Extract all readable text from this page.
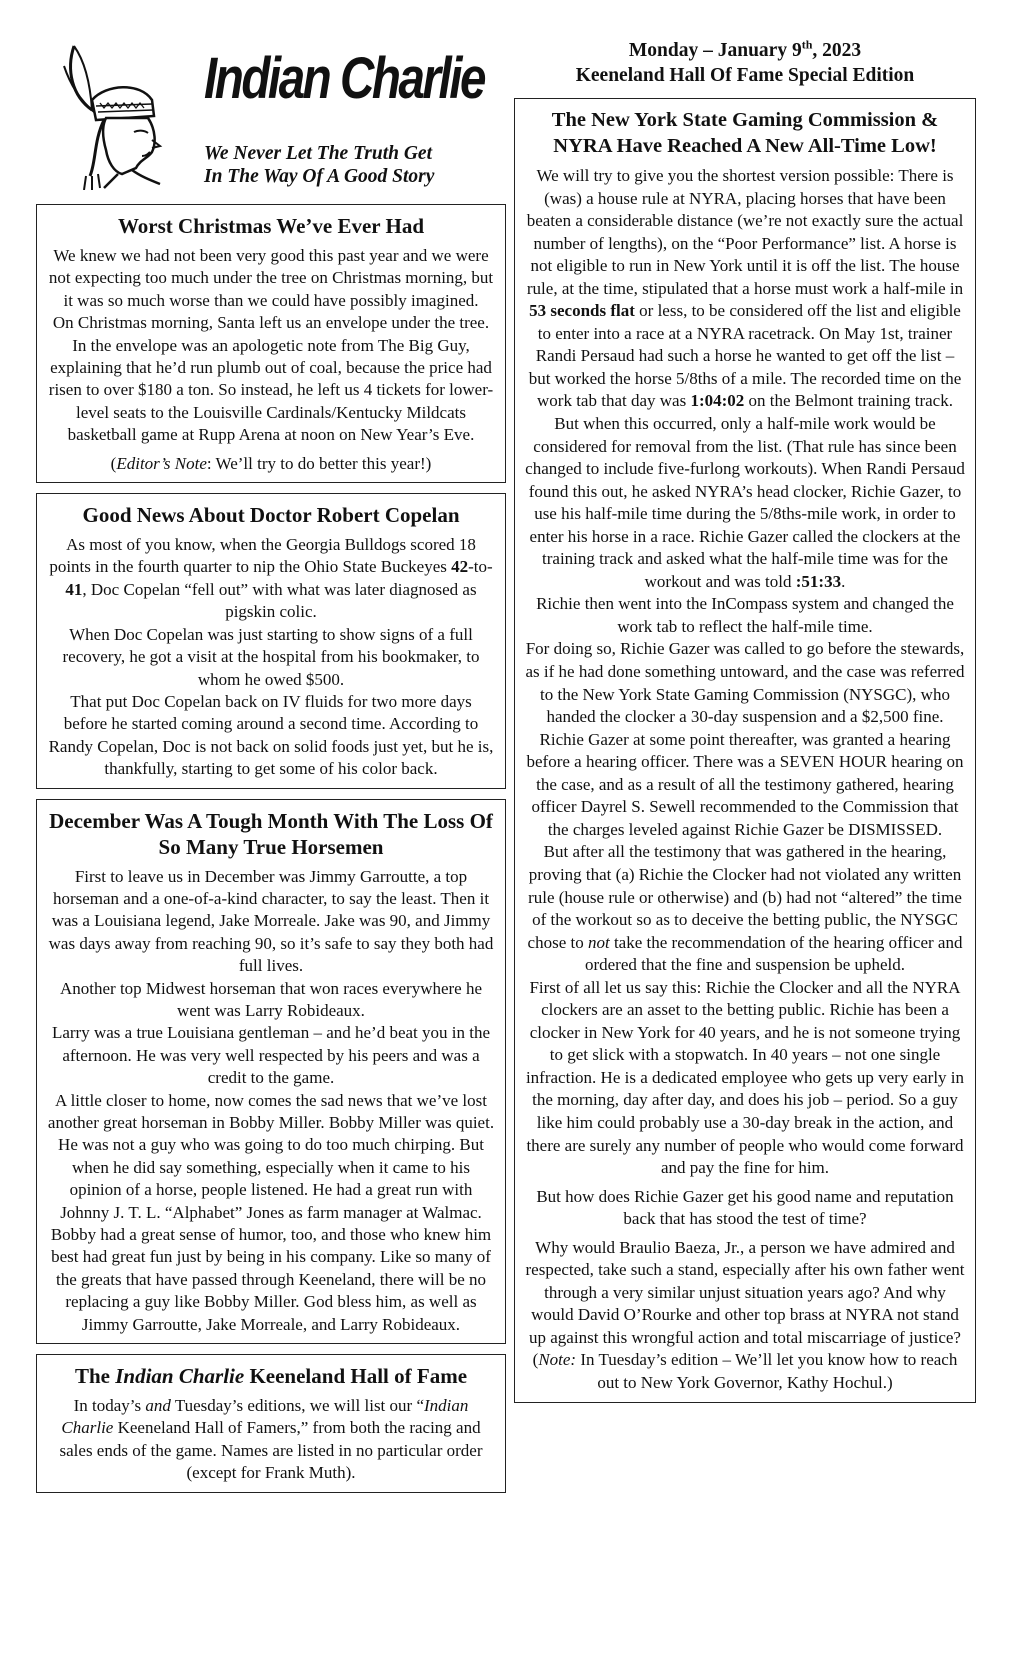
Indian Charlie
We Never Let The Truth Get
In The Way Of A Good Story
Worst Christmas We’ve Ever Had

We knew we had not been very good this past year and we were not expecting too much under the tree on Christmas morning, but it was so much worse than we could have possibly imagined.

On Christmas morning, Santa left us an envelope under the tree. In the envelope was an apologetic note from The Big Guy, explaining that he’d run plumb out of coal, because the price had risen to over $180 a ton. So instead, he left us 4 tickets for lower-level seats to the Louisville Cardinals/Kentucky Mildcats basketball game at Rupp Arena at noon on New Year’s Eve.

(Editor’s Note: We’ll try to do better this year!)

Good News About Doctor Robert Copelan

As most of you know, when the Georgia Bulldogs scored 18 points in the fourth quarter to nip the Ohio State Buckeyes 42-to-41, Doc Copelan “fell out” with what was later diagnosed as pigskin colic.

When Doc Copelan was just starting to show signs of a full recovery, he got a visit at the hospital from his bookmaker, to whom he owed $500.

That put Doc Copelan back on IV fluids for two more days before he started coming around a second time. According to Randy Copelan, Doc is not back on solid foods just yet, but he is, thankfully, starting to get some of his color back.

December Was A Tough Month With The Loss Of So Many True Horsemen

First to leave us in December was Jimmy Garroutte, a top horseman and a one-of-a-kind character, to say the least. Then it was a Louisiana legend, Jake Morreale. Jake was 90, and Jimmy was days away from reaching 90, so it’s safe to say they both had full lives.

Another top Midwest horseman that won races everywhere he went was Larry Robideaux.

Larry was a true Louisiana gentleman – and he’d beat you in the afternoon. He was very well respected by his peers and was a credit to the game.

A little closer to home, now comes the sad news that we’ve lost another great horseman in Bobby Miller. Bobby Miller was quiet. He was not a guy who was going to do too much chirping. But when he did say something, especially when it came to his opinion of a horse, people listened. He had a great run with Johnny J. T. L. “Alphabet” Jones as farm manager at Walmac. Bobby had a great sense of humor, too, and those who knew him best had great fun just by being in his company. Like so many of the greats that have passed through Keeneland, there will be no replacing a guy like Bobby Miller. God bless him, as well as Jimmy Garroutte, Jake Morreale, and Larry Robideaux.

The Indian Charlie Keeneland Hall of Fame

In today’s and Tuesday’s editions, we will list our “Indian Charlie Keeneland Hall of Famers,” from both the racing and sales ends of the game. Names are listed in no particular order (except for Frank Muth).

Monday – January 9th, 2023
Keeneland Hall Of Fame Special Edition
The New York State Gaming Commission & NYRA Have Reached A New All-Time Low!

We will try to give you the shortest version possible: There is (was) a house rule at NYRA, placing horses that have been beaten a considerable distance (we’re not exactly sure the actual number of lengths), on the “Poor Performance” list. A horse is not eligible to run in New York until it is off the list. The house rule, at the time, stipulated that a horse must work a half-mile in 53 seconds flat or less, to be considered off the list and eligible to enter into a race at a NYRA racetrack. On May 1st, trainer Randi Persaud had such a horse he wanted to get off the list – but worked the horse 5/8ths of a mile. The recorded time on the work tab that day was 1:04:02 on the Belmont training track.

But when this occurred, only a half-mile work would be considered for removal from the list. (That rule has since been changed to include five-furlong workouts). When Randi Persaud found this out, he asked NYRA’s head clocker, Richie Gazer, to use his half-mile time during the 5/8ths-mile work, in order to enter his horse in a race. Richie Gazer called the clockers at the training track and asked what the half-mile time was for the workout and was told :51:33.

Richie then went into the InCompass system and changed the work tab to reflect the half-mile time.

For doing so, Richie Gazer was called to go before the stewards, as if he had done something untoward, and the case was referred to the New York State Gaming Commission (NYSGC), who handed the clocker a 30-day suspension and a $2,500 fine.

Richie Gazer at some point thereafter, was granted a hearing before a hearing officer. There was a SEVEN HOUR hearing on the case, and as a result of all the testimony gathered, hearing officer Dayrel S. Sewell recommended to the Commission that the charges leveled against Richie Gazer be DISMISSED.

But after all the testimony that was gathered in the hearing, proving that (a) Richie the Clocker had not violated any written rule (house rule or otherwise) and (b) had not “altered” the time of the workout so as to deceive the betting public, the NYSGC chose to not take the recommendation of the hearing officer and ordered that the fine and suspension be upheld.

First of all let us say this: Richie the Clocker and all the NYRA clockers are an asset to the betting public. Richie has been a clocker in New York for 40 years, and he is not someone trying to get slick with a stopwatch. In 40 years – not one single infraction. He is a dedicated employee who gets up very early in the morning, day after day, and does his job – period. So a guy like him could probably use a 30-day break in the action, and there are surely any number of people who would come forward and pay the fine for him.

But how does Richie Gazer get his good name and reputation back that has stood the test of time?

Why would Braulio Baeza, Jr., a person we have admired and respected, take such a stand, especially after his own father went through a very similar unjust situation years ago? And why would David O’Rourke and other top brass at NYRA not stand up against this wrongful action and total miscarriage of justice?

(Note: In Tuesday’s edition – We’ll let you know how to reach out to New York Governor, Kathy Hochul.)
